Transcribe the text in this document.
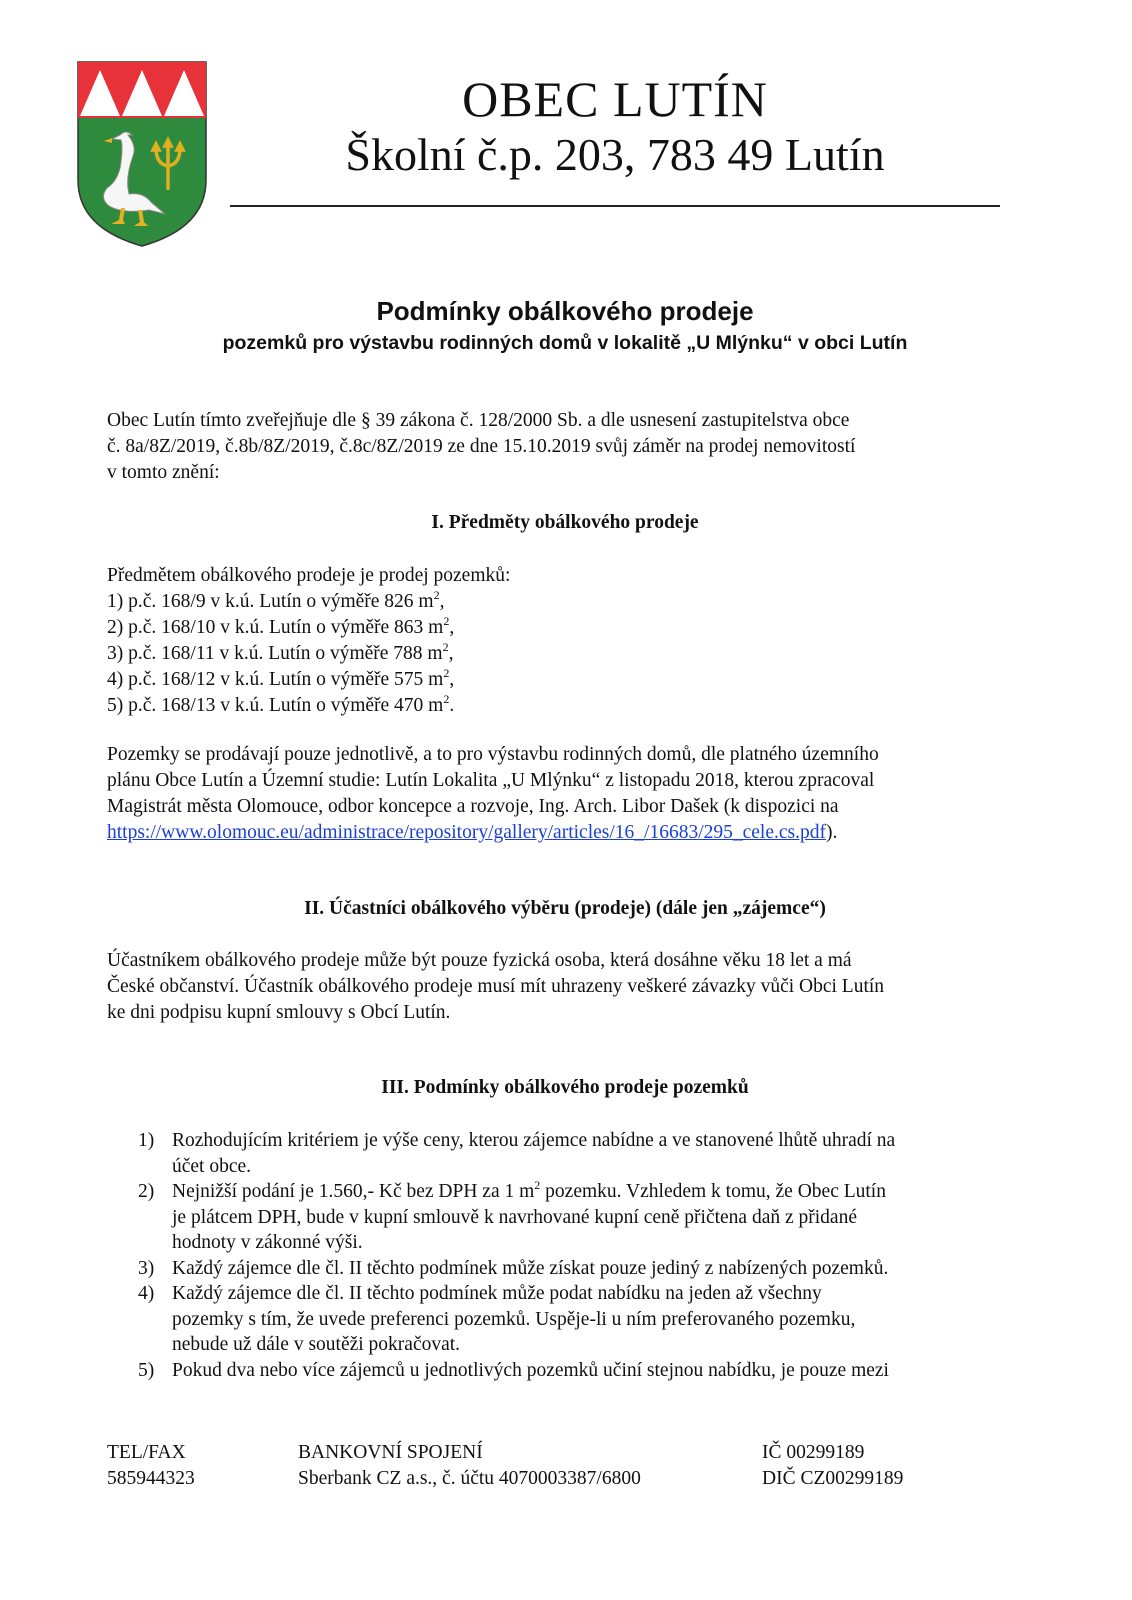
OBEC LUTÍN
Školní č.p. 203, 783 49 Lutín
Podmínky obálkového prodeje
pozemků pro výstavbu rodinných domů v lokalitě „U Mlýnku“ v obci Lutín
Obec Lutín tímto zveřejňuje dle § 39 zákona č. 128/2000 Sb. a dle usnesení zastupitelstva obce
č. 8a/8Z/2019, č.8b/8Z/2019, č.8c/8Z/2019 ze dne 15.10.2019 svůj záměr na prodej nemovitostí
v tomto znění:
I. Předměty obálkového prodeje
Předmětem obálkového prodeje je prodej pozemků:
1) p.č. 168/9 v k.ú. Lutín o výměře 826 $m^2$,
2) p.č. 168/10 v k.ú. Lutín o výměře 863 $m^2$,
3) p.č. 168/11 v k.ú. Lutín o výměře 788 $m^2$,
4) p.č. 168/12 v k.ú. Lutín o výměře 575 $m^2$,
5) p.č. 168/13 v k.ú. Lutín o výměře 470 $m^2$.
Pozemky se prodávají pouze jednotlivě, a to pro výstavbu rodinných domů, dle platného územního
plánu Obce Lutín a Územní studie: Lutín Lokalita „U Mlýnku“ z listopadu 2018, kterou zpracoval
Magistrát města Olomouce, odbor koncepce a rozvoje, Ing. Arch. Libor Dašek (k dispozici na
https://www.olomouc.eu/administrace/repository/gallery/articles/16_/16683/295_cele.cs.pdf).
II. Účastníci obálkového výběru (prodeje) (dále jen „zájemce“)
Účastníkem obálkového prodeje může být pouze fyzická osoba, která dosáhne věku 18 let a má
České občanství. Účastník obálkového prodeje musí mít uhrazeny veškeré závazky vůči Obci Lutín
ke dni podpisu kupní smlouvy s Obcí Lutín.
III. Podmínky obálkového prodeje pozemků
1) Rozhodujícím kritériem je výše ceny, kterou zájemce nabídne a ve stanovené lhůtě uhradí na
účet obce.
2) Nejnižší podání je 1.560,- Kč bez DPH za 1 $m^2$ pozemku. Vzhledem k tomu, že Obec Lutín
je plátcem DPH, bude v kupní smlouvě k navrhované kupní ceně přičtena daň z přidané
hodnoty v zákonné výši.
3) Každý zájemce dle čl. II těchto podmínek může získat pouze jediný z nabízených pozemků.
4) Každý zájemce dle čl. II těchto podmínek může podat nabídku na jeden až všechny
pozemky s tím, že uvede preferenci pozemků. Uspěje-li u ním preferovaného pozemku,
nebude už dále v soutěži pokračovat.
5) Pokud dva nebo více zájemců u jednotlivých pozemků učiní stejnou nabídku, je pouze mezi
TEL/FAX
585944323
BANKOVNÍ SPOJENÍ
Sberbank CZ a.s., č. účtu 4070003387/6800
IČ 00299189
DIČ CZ00299189
